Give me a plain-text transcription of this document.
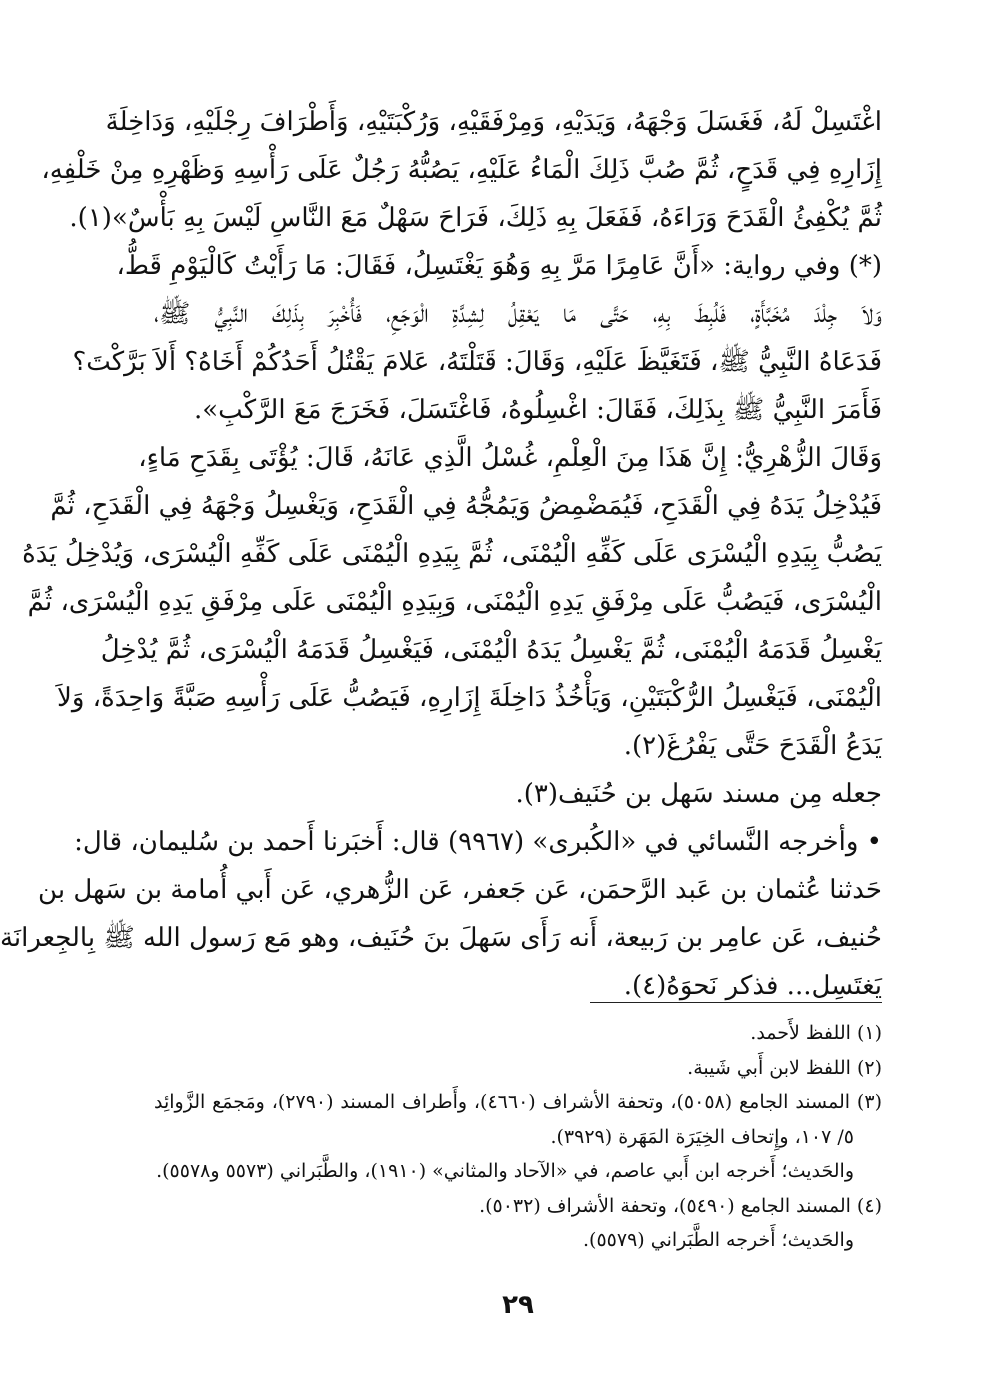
اغْتَسِلْ لَهُ، فَغَسَلَ وَجْهَهُ، وَيَدَيْهِ، وَمِرْفَقَيْهِ، وَرُكْبَتَيْهِ، وَأَطْرَافَ رِجْلَيْهِ، وَدَاخِلَةَ
إِزَارِهِ فِي قَدَحٍ، ثُمَّ صُبَّ ذَلِكَ الْمَاءُ عَلَيْهِ، يَصُبُّهُ رَجُلٌ عَلَى رَأْسِهِ وَظَهْرِهِ مِنْ خَلْفِهِ،
ثُمَّ يُكْفِئُ الْقَدَحَ وَرَاءَهُ، فَفَعَلَ بِهِ ذَلِكَ، فَرَاحَ سَهْلٌ مَعَ النَّاسِ لَيْسَ بِهِ بَأْسٌ»(١).
(*) وفي رواية: «أَنَّ عَامِرًا مَرَّ بِهِ وَهُوَ يَغْتَسِلُ، فَقَالَ: مَا رَأَيْتُ كَالْيَوْمِ قَطُّ،
وَلاَ جِلْدَ مُخَبَّأَةٍ، فَلُبِطَ بِهِ، حَتَّى مَا يَعْقِلُ لِشِدَّةِ الْوَجَعِ، فَأُخْبِرَ بِذَلِكَ النَّبِيُّ ﷺ،
فَدَعَاهُ النَّبِيُّ ﷺ، فَتَغَيَّظَ عَلَيْهِ، وَقَالَ: قَتَلْتَهُ، عَلامَ يَقْتُلُ أَحَدُكُمْ أَخَاهُ؟ أَلاَ بَرَّكْتَ؟
فَأَمَرَ النَّبِيُّ ﷺ بِذَلِكَ، فَقَالَ: اغْسِلُوهُ، فَاغْتَسَلَ، فَخَرَجَ مَعَ الرَّكْبِ».
وَقَالَ الزُّهْرِيُّ: إِنَّ هَذَا مِنَ الْعِلْمِ، غُسْلُ الَّذِي عَانَهُ، قَالَ: يُؤْتَى بِقَدَحِ مَاءٍ،
فَيُدْخِلُ يَدَهُ فِي الْقَدَحِ، فَيُمَضْمِضُ وَيَمُجُّهُ فِي الْقَدَحِ، وَيَغْسِلُ وَجْهَهُ فِي الْقَدَحِ، ثُمَّ
يَصُبُّ بِيَدِهِ الْيُسْرَى عَلَى كَفِّهِ الْيُمْنَى، ثُمَّ بِيَدِهِ الْيُمْنَى عَلَى كَفِّهِ الْيُسْرَى، وَيُدْخِلُ يَدَهُ
الْيُسْرَى، فَيَصُبُّ عَلَى مِرْفَقِ يَدِهِ الْيُمْنَى، وَبِيَدِهِ الْيُمْنَى عَلَى مِرْفَقِ يَدِهِ الْيُسْرَى، ثُمَّ
يَغْسِلُ قَدَمَهُ الْيُمْنَى، ثُمَّ يَغْسِلُ يَدَهُ الْيُمْنَى، فَيَغْسِلُ قَدَمَهُ الْيُسْرَى، ثُمَّ يُدْخِلُ
الْيُمْنَى، فَيَغْسِلُ الرُّكْبَتَيْنِ، وَيَأْخُذُ دَاخِلَةَ إِزَارِهِ، فَيَصُبُّ عَلَى رَأْسِهِ صَبَّةً وَاحِدَةً، وَلاَ
يَدَعُ الْقَدَحَ حَتَّى يَفْرُغَ(٢).
جعله مِن مسند سَهل بن حُنَيف(٣).
• وأخرجه النَّسائي في «الكُبرى» (٩٩٦٧) قال: أَخبَرنا أَحمد بن سُليمان، قال:
حَدثنا عُثمان بن عَبد الرَّحمَن، عَن جَعفر، عَن الزُّهري، عَن أَبي أُمامة بن سَهل بن
حُنيف، عَن عامِر بن رَبيعة، أَنه رَأَى سَهلَ بنَ حُنَيف، وهو مَع رَسول الله ﷺ بِالجِعرانَة
يَغتَسِل... فذكر نَحوَهُ(٤).
(١) اللفظ لأَحمد.
(٢) اللفظ لابن أَبي شَيبة.
(٣) المسند الجامع (٥٠٥٨)، وتحفة الأشراف (٤٦٦٠)، وأَطراف المسند (٢٧٩٠)، ومَجمَع الزَّوائِد
٥/ ١٠٧، وإِتحاف الخِيَرَة المَهَرة (٣٩٢٩).
والحَديث؛ أَخرجه ابن أَبي عاصم، في «الآحاد والمثاني» (١٩١٠)، والطَّبَراني (٥٥٧٣ و٥٥٧٨).
(٤) المسند الجامع (٥٤٩٠)، وتحفة الأشراف (٥٠٣٢).
والحَديث؛ أَخرجه الطَّبَراني (٥٥٧٩).
٢٩
